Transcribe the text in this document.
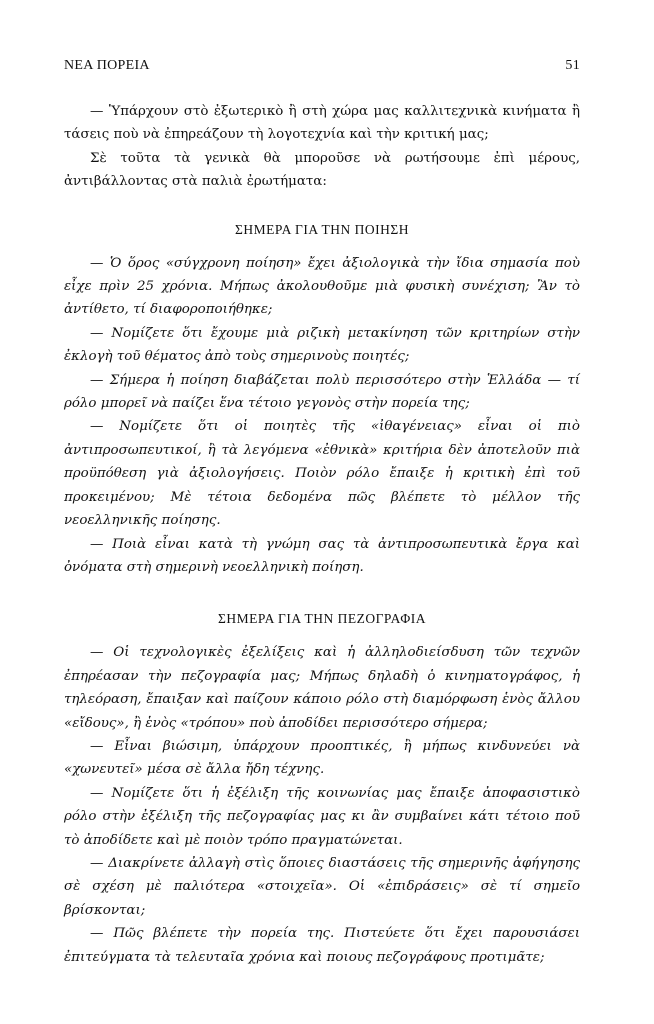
ΝΕΑ ΠΟΡΕΙΑ	51

— Ὑπάρχουν στὸ ἐξωτερικὸ ἢ στὴ χώρα μας καλλιτεχνικὰ κινήματα ἢ τάσεις ποὺ νὰ ἐπηρεάζουν τὴ λογοτεχνία καὶ τὴν κριτική μας;

Σὲ τοῦτα τὰ γενικὰ θὰ μποροῦσε νὰ ρωτήσουμε ἐπὶ μέρους, ἀντιβάλλοντας στὰ παλιὰ ἐρωτήματα:

ΣΗΜΕΡΑ ΓΙΑ ΤΗΝ ΠΟΙΗΣΗ

— Ὁ ὅρος «σύγχρονη ποίηση» ἔχει ἀξιολογικὰ τὴν ἴδια σημασία ποὺ εἶχε πρὶν 25 χρόνια. Μήπως ἀκολουθοῦμε μιὰ φυσικὴ συνέχιση; Ἂν τὸ ἀντίθετο, τί διαφοροποιήθηκε;

— Νομίζετε ὅτι ἔχουμε μιὰ ριζικὴ μετακίνηση τῶν κριτηρίων στὴν ἐκλογὴ τοῦ θέματος ἀπὸ τοὺς σημερινοὺς ποιητές;

— Σήμερα ἡ ποίηση διαβάζεται πολὺ περισσότερο στὴν Ἑλλάδα — τί ρόλο μπορεῖ νὰ παίζει ἕνα τέτοιο γεγονὸς στὴν πορεία της;

— Νομίζετε ὅτι οἱ ποιητὲς τῆς «ἰθαγένειας» εἶναι οἱ πιὸ ἀντιπροσωπευτικοί, ἢ τὰ λεγόμενα «ἐθνικὰ» κριτήρια δὲν ἀποτελοῦν πιὰ προϋπόθεση γιὰ ἀξιολογήσεις. Ποιὸν ρόλο ἔπαιξε ἡ κριτικὴ ἐπὶ τοῦ προκειμένου; Μὲ τέτοια δεδομένα πῶς βλέπετε τὸ μέλλον τῆς νεοελληνικῆς ποίησης.

— Ποιὰ εἶναι κατὰ τὴ γνώμη σας τὰ ἀντιπροσωπευτικὰ ἔργα καὶ ὀνόματα στὴ σημερινὴ νεοελληνικὴ ποίηση.

ΣΗΜΕΡΑ ΓΙΑ ΤΗΝ ΠΕΖΟΓΡΑΦΙΑ

— Οἱ τεχνολογικὲς ἐξελίξεις καὶ ἡ ἀλληλοδιείσδυση τῶν τεχνῶν ἐπηρέασαν τὴν πεζογραφία μας; Μήπως δηλαδὴ ὁ κινηματογράφος, ἡ τηλεόραση, ἔπαιξαν καὶ παίζουν κάποιο ρόλο στὴ διαμόρφωση ἑνὸς ἄλλου «εἴδους», ἢ ἑνὸς «τρόπου» ποὺ ἀποδίδει περισσότερο σήμερα;

— Εἶναι βιώσιμη, ὑπάρχουν προοπτικές, ἢ μήπως κινδυνεύει νὰ «χωνευτεῖ» μέσα σὲ ἄλλα ἤδη τέχνης.

— Νομίζετε ὅτι ἡ ἐξέλιξη τῆς κοινωνίας μας ἔπαιξε ἀποφασιστικὸ ρόλο στὴν ἐξέλιξη τῆς πεζογραφίας μας κι ἂν συμβαίνει κάτι τέτοιο ποῦ τὸ ἀποδίδετε καὶ μὲ ποιὸν τρόπο πραγματώνεται.

— Διακρίνετε ἀλλαγὴ στὶς ὅποιες διαστάσεις τῆς σημερινῆς ἀφήγησης σὲ σχέση μὲ παλιότερα «στοιχεῖα». Οἱ «ἐπιδράσεις» σὲ τί σημεῖο βρίσκονται;

— Πῶς βλέπετε τὴν πορεία της. Πιστεύετε ὅτι ἔχει παρουσιάσει ἐπιτεύγματα τὰ τελευταῖα χρόνια καὶ ποιους πεζογράφους προτιμᾶτε;
